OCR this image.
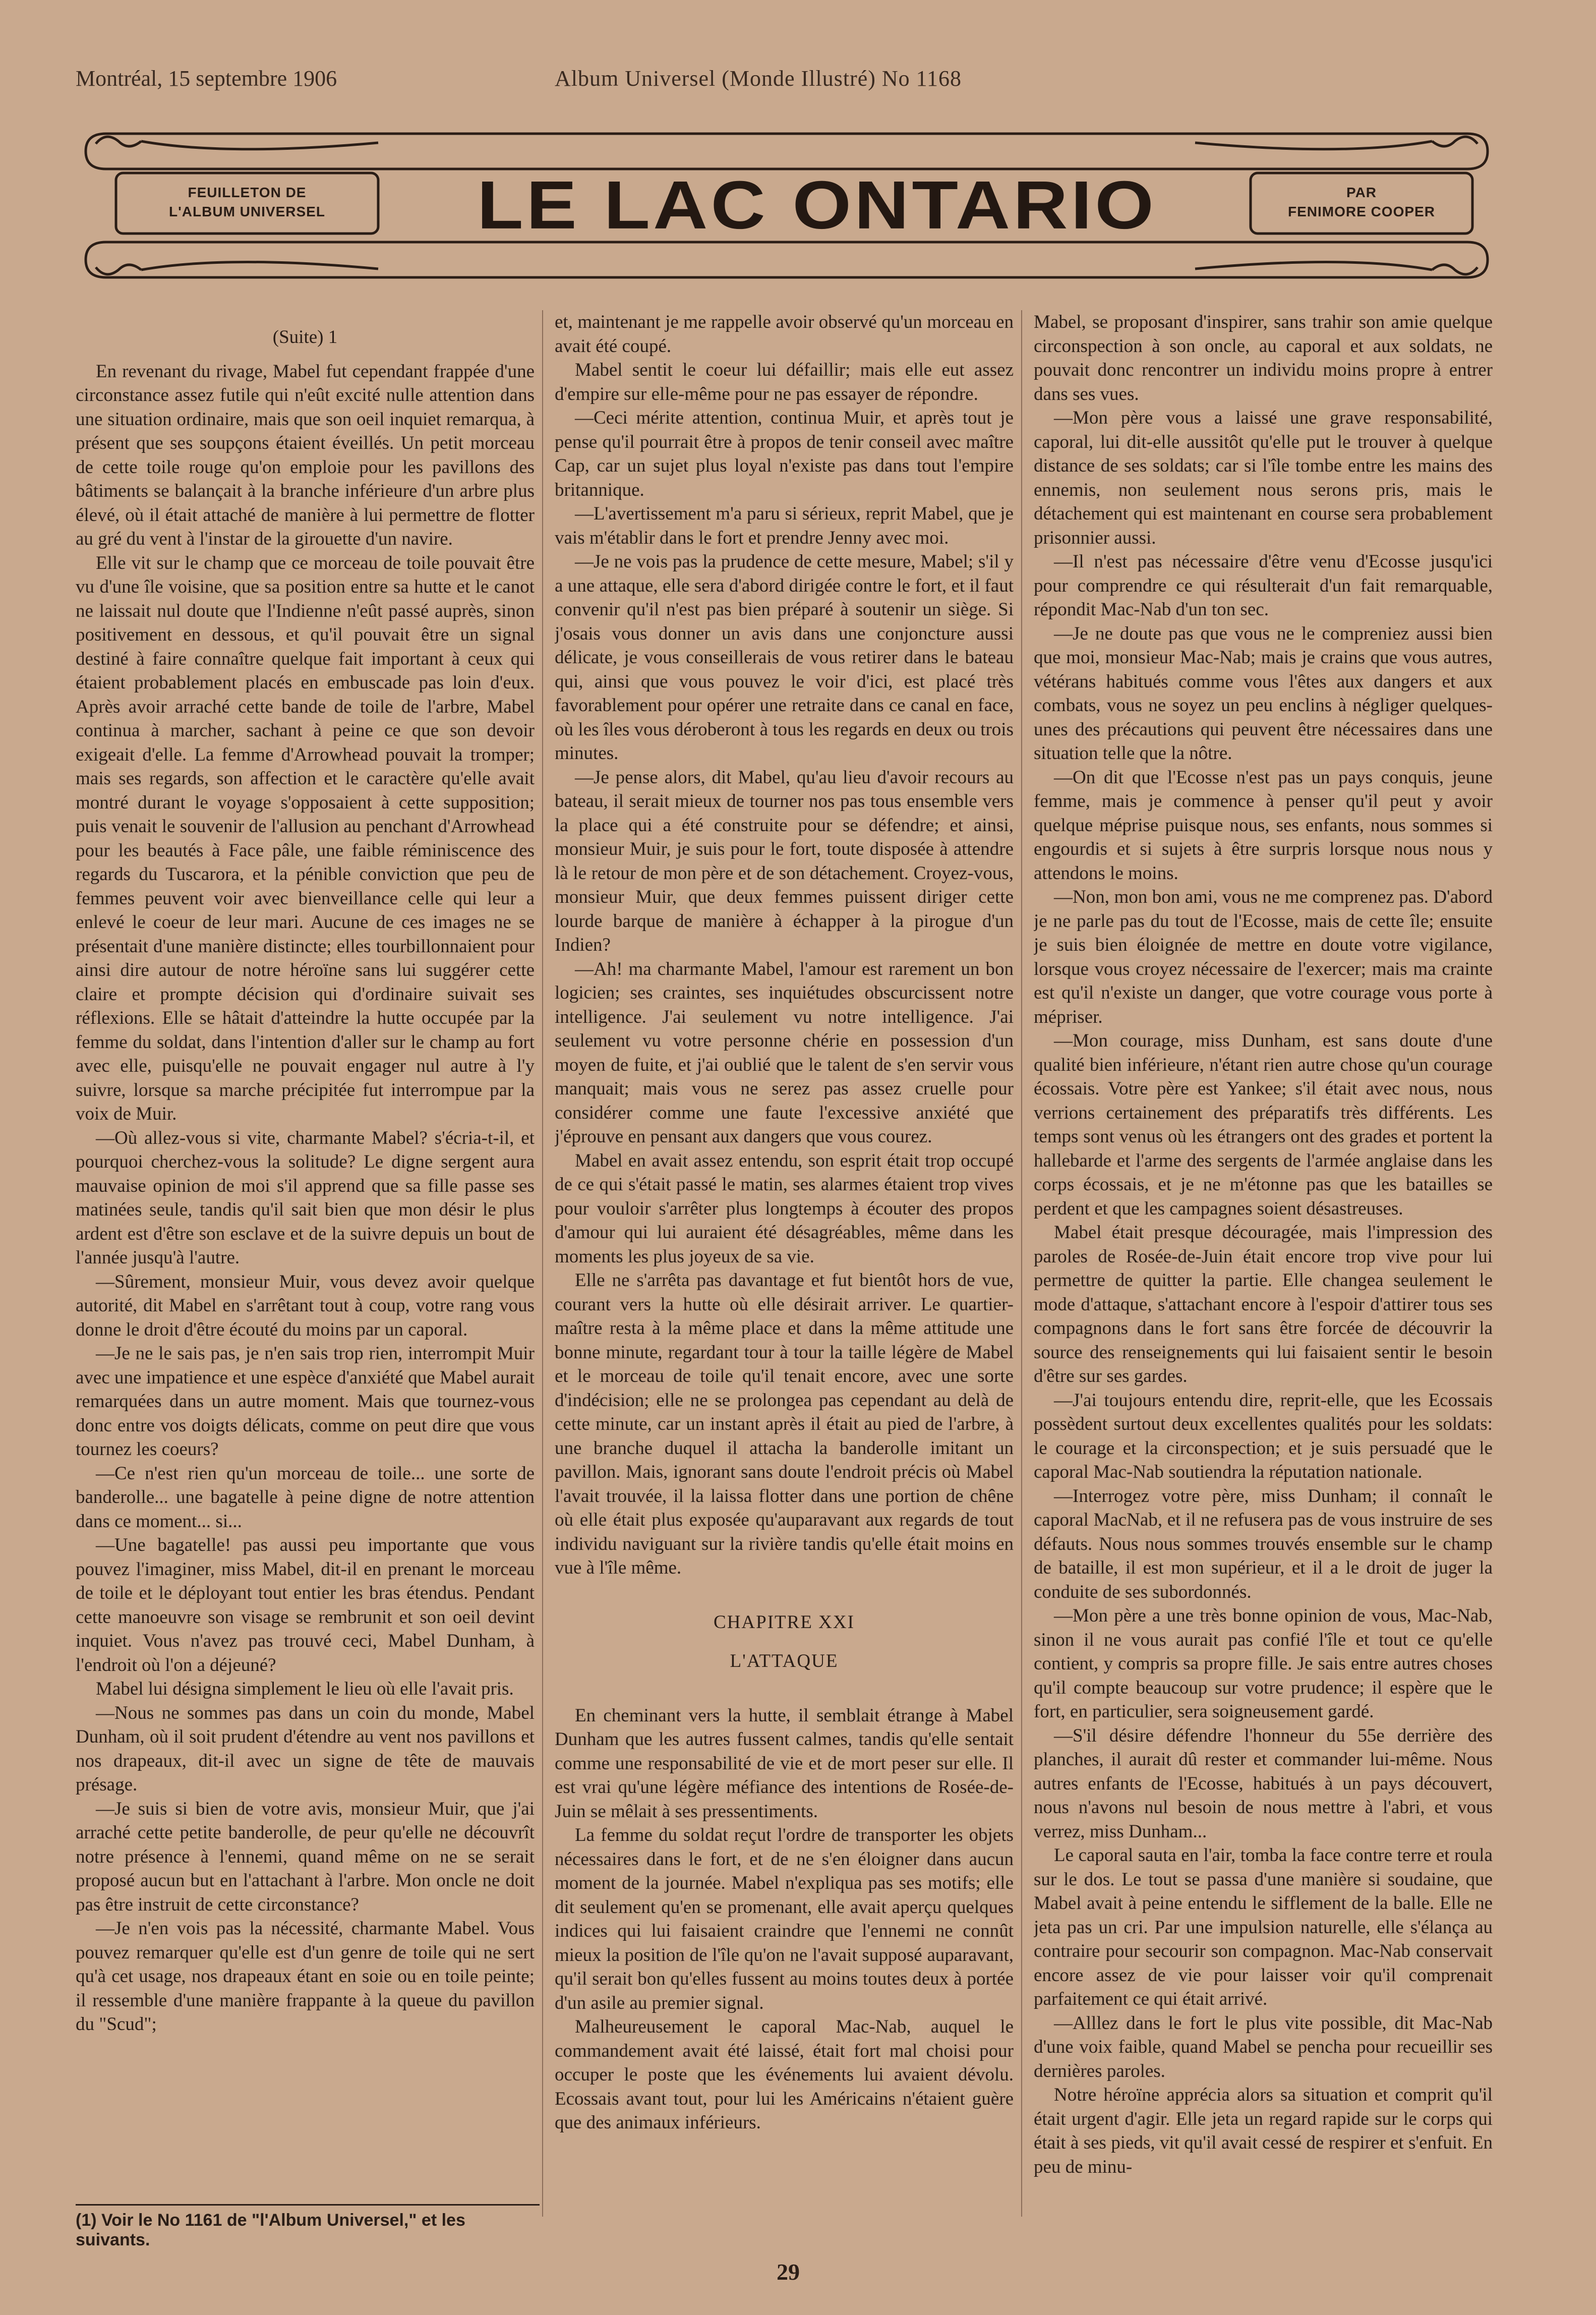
Montréal, 15 septembre 1906	Album Universel (Monde Illustré) No 1168
FEUILLETON DE
L'ALBUM UNIVERSEL	LE LAC ONTARIO	PAR
FENIMORE COOPER

(Suite) 1

En revenant du rivage, Mabel fut cependant frappée d'une circonstance assez futile qui n'eût excité nulle attention dans une situation ordinaire, mais que son oeil inquiet remarqua, à présent que ses soupçons étaient éveillés. Un petit morceau de cette toile rouge qu'on emploie pour les pavillons des bâtiments se balançait à la branche inférieure d'un arbre plus élevé, où il était attaché de manière à lui permettre de flotter au gré du vent à l'instar de la girouette d'un navire.

Elle vit sur le champ que ce morceau de toile pouvait être vu d'une île voisine, que sa position entre sa hutte et le canot ne laissait nul doute que l'Indienne n'eût passé auprès, sinon positivement en dessous, et qu'il pouvait être un signal destiné à faire connaître quelque fait important à ceux qui étaient probablement placés en embuscade pas loin d'eux. Après avoir arraché cette bande de toile de l'arbre, Mabel continua à marcher, sachant à peine ce que son devoir exigeait d'elle. La femme d'Arrowhead pouvait la tromper; mais ses regards, son affection et le caractère qu'elle avait montré durant le voyage s'opposaient à cette supposition; puis venait le souvenir de l'allusion au penchant d'Arrowhead pour les beautés à Face pâle, une faible réminiscence des regards du Tuscarora, et la pénible conviction que peu de femmes peuvent voir avec bienveillance celle qui leur a enlevé le coeur de leur mari. Aucune de ces images ne se présentait d'une manière distincte; elles tourbillonnaient pour ainsi dire autour de notre héroïne sans lui suggérer cette claire et prompte décision qui d'ordinaire suivait ses réflexions. Elle se hâtait d'atteindre la hutte occupée par la femme du soldat, dans l'intention d'aller sur le champ au fort avec elle, puisqu'elle ne pouvait engager nul autre à l'y suivre, lorsque sa marche précipitée fut interrompue par la voix de Muir.

—Où allez-vous si vite, charmante Mabel? s'écria-t-il, et pourquoi cherchez-vous la solitude? Le digne sergent aura mauvaise opinion de moi s'il apprend que sa fille passe ses matinées seule, tandis qu'il sait bien que mon désir le plus ardent est d'être son esclave et de la suivre depuis un bout de l'année jusqu'à l'autre.

—Sûrement, monsieur Muir, vous devez avoir quelque autorité, dit Mabel en s'arrêtant tout à coup, votre rang vous donne le droit d'être écouté du moins par un caporal.

—Je ne le sais pas, je n'en sais trop rien, interrompit Muir avec une impatience et une espèce d'anxiété que Mabel aurait remarquées dans un autre moment. Mais que tournez-vous donc entre vos doigts délicats, comme on peut dire que vous tournez les coeurs?

—Ce n'est rien qu'un morceau de toile... une sorte de banderolle... une bagatelle à peine digne de notre attention dans ce moment... si...

—Une bagatelle! pas aussi peu importante que vous pouvez l'imaginer, miss Mabel, dit-il en prenant le morceau de toile et le déployant tout entier les bras étendus. Pendant cette manoeuvre son visage se rembrunit et son oeil devint inquiet. Vous n'avez pas trouvé ceci, Mabel Dunham, à l'endroit où l'on a déjeuné?

Mabel lui désigna simplement le lieu où elle l'avait pris.

—Nous ne sommes pas dans un coin du monde, Mabel Dunham, où il soit prudent d'étendre au vent nos pavillons et nos drapeaux, dit-il avec un signe de tête de mauvais présage.

—Je suis si bien de votre avis, monsieur Muir, que j'ai arraché cette petite banderolle, de peur qu'elle ne découvrît notre présence à l'ennemi, quand même on ne se serait proposé aucun but en l'attachant à l'arbre. Mon oncle ne doit pas être instruit de cette circonstance?

—Je n'en vois pas la nécessité, charmante Mabel. Vous pouvez remarquer qu'elle est d'un genre de toile qui ne sert qu'à cet usage, nos drapeaux étant en soie ou en toile peinte; il ressemble d'une manière frappante à la queue du pavillon du "Scud";

et, maintenant je me rappelle avoir observé qu'un morceau en avait été coupé.

Mabel sentit le coeur lui défaillir; mais elle eut assez d'empire sur elle-même pour ne pas essayer de répondre.

—Ceci mérite attention, continua Muir, et après tout je pense qu'il pourrait être à propos de tenir conseil avec maître Cap, car un sujet plus loyal n'existe pas dans tout l'empire britannique.

—L'avertissement m'a paru si sérieux, reprit Mabel, que je vais m'établir dans le fort et prendre Jenny avec moi.

—Je ne vois pas la prudence de cette mesure, Mabel; s'il y a une attaque, elle sera d'abord dirigée contre le fort, et il faut convenir qu'il n'est pas bien préparé à soutenir un siège. Si j'osais vous donner un avis dans une conjoncture aussi délicate, je vous conseillerais de vous retirer dans le bateau qui, ainsi que vous pouvez le voir d'ici, est placé très favorablement pour opérer une retraite dans ce canal en face, où les îles vous déroberont à tous les regards en deux ou trois minutes.

—Je pense alors, dit Mabel, qu'au lieu d'avoir recours au bateau, il serait mieux de tourner nos pas tous ensemble vers la place qui a été construite pour se défendre; et ainsi, monsieur Muir, je suis pour le fort, toute disposée à attendre là le retour de mon père et de son détachement. Croyez-vous, monsieur Muir, que deux femmes puissent diriger cette lourde barque de manière à échapper à la pirogue d'un Indien?

—Ah! ma charmante Mabel, l'amour est rarement un bon logicien; ses craintes, ses inquiétudes obscurcissent notre intelligence. J'ai seulement vu notre intelligence. J'ai seulement vu votre personne chérie en possession d'un moyen de fuite, et j'ai oublié que le talent de s'en servir vous manquait; mais vous ne serez pas assez cruelle pour considérer comme une faute l'excessive anxiété que j'éprouve en pensant aux dangers que vous courez.

Mabel en avait assez entendu, son esprit était trop occupé de ce qui s'était passé le matin, ses alarmes étaient trop vives pour vouloir s'arrêter plus longtemps à écouter des propos d'amour qui lui auraient été désagréables, même dans les moments les plus joyeux de sa vie.

Elle ne s'arrêta pas davantage et fut bientôt hors de vue, courant vers la hutte où elle désirait arriver. Le quartier-maître resta à la même place et dans la même attitude une bonne minute, regardant tour à tour la taille légère de Mabel et le morceau de toile qu'il tenait encore, avec une sorte d'indécision; elle ne se prolongea pas cependant au delà de cette minute, car un instant après il était au pied de l'arbre, à une branche duquel il attacha la banderolle imitant un pavillon. Mais, ignorant sans doute l'endroit précis où Mabel l'avait trouvée, il la laissa flotter dans une portion de chêne où elle était plus exposée qu'auparavant aux regards de tout individu naviguant sur la rivière tandis qu'elle était moins en vue à l'île même.

CHAPITRE XXI

L'ATTAQUE

En cheminant vers la hutte, il semblait étrange à Mabel Dunham que les autres fussent calmes, tandis qu'elle sentait comme une responsabilité de vie et de mort peser sur elle. Il est vrai qu'une légère méfiance des intentions de Rosée-de-Juin se mêlait à ses pressentiments.

La femme du soldat reçut l'ordre de transporter les objets nécessaires dans le fort, et de ne s'en éloigner dans aucun moment de la journée. Mabel n'expliqua pas ses motifs; elle dit seulement qu'en se promenant, elle avait aperçu quelques indices qui lui faisaient craindre que l'ennemi ne connût mieux la position de l'île qu'on ne l'avait supposé auparavant, qu'il serait bon qu'elles fussent au moins toutes deux à portée d'un asile au premier signal.

Malheureusement le caporal Mac-Nab, auquel le commandement avait été laissé, était fort mal choisi pour occuper le poste que les événements lui avaient dévolu. Ecossais avant tout, pour lui les Américains n'étaient guère que des animaux inférieurs.

Mabel, se proposant d'inspirer, sans trahir son amie quelque circonspection à son oncle, au caporal et aux soldats, ne pouvait donc rencontrer un individu moins propre à entrer dans ses vues.

—Mon père vous a laissé une grave responsabilité, caporal, lui dit-elle aussitôt qu'elle put le trouver à quelque distance de ses soldats; car si l'île tombe entre les mains des ennemis, non seulement nous serons pris, mais le détachement qui est maintenant en course sera probablement prisonnier aussi.

—Il n'est pas nécessaire d'être venu d'Ecosse jusqu'ici pour comprendre ce qui résulterait d'un fait remarquable, répondit Mac-Nab d'un ton sec.

—Je ne doute pas que vous ne le compreniez aussi bien que moi, monsieur Mac-Nab; mais je crains que vous autres, vétérans habitués comme vous l'êtes aux dangers et aux combats, vous ne soyez un peu enclins à négliger quelques-unes des précautions qui peuvent être nécessaires dans une situation telle que la nôtre.

—On dit que l'Ecosse n'est pas un pays conquis, jeune femme, mais je commence à penser qu'il peut y avoir quelque méprise puisque nous, ses enfants, nous sommes si engourdis et si sujets à être surpris lorsque nous nous y attendons le moins.

—Non, mon bon ami, vous ne me comprenez pas. D'abord je ne parle pas du tout de l'Ecosse, mais de cette île; ensuite je suis bien éloignée de mettre en doute votre vigilance, lorsque vous croyez nécessaire de l'exercer; mais ma crainte est qu'il n'existe un danger, que votre courage vous porte à mépriser.

—Mon courage, miss Dunham, est sans doute d'une qualité bien inférieure, n'étant rien autre chose qu'un courage écossais. Votre père est Yankee; s'il était avec nous, nous verrions certainement des préparatifs très différents. Les temps sont venus où les étrangers ont des grades et portent la hallebarde et l'arme des sergents de l'armée anglaise dans les corps écossais, et je ne m'étonne pas que les batailles se perdent et que les campagnes soient désastreuses.

Mabel était presque découragée, mais l'impression des paroles de Rosée-de-Juin était encore trop vive pour lui permettre de quitter la partie. Elle changea seulement le mode d'attaque, s'attachant encore à l'espoir d'attirer tous ses compagnons dans le fort sans être forcée de découvrir la source des renseignements qui lui faisaient sentir le besoin d'être sur ses gardes.

—J'ai toujours entendu dire, reprit-elle, que les Ecossais possèdent surtout deux excellentes qualités pour les soldats: le courage et la circonspection; et je suis persuadé que le caporal Mac-Nab soutiendra la réputation nationale.

—Interrogez votre père, miss Dunham; il connaît le caporal MacNab, et il ne refusera pas de vous instruire de ses défauts. Nous nous sommes trouvés ensemble sur le champ de bataille, il est mon supérieur, et il a le droit de juger la conduite de ses subordonnés.

—Mon père a une très bonne opinion de vous, Mac-Nab, sinon il ne vous aurait pas confié l'île et tout ce qu'elle contient, y compris sa propre fille. Je sais entre autres choses qu'il compte beaucoup sur votre prudence; il espère que le fort, en particulier, sera soigneusement gardé.

—S'il désire défendre l'honneur du 55e derrière des planches, il aurait dû rester et commander lui-même. Nous autres enfants de l'Ecosse, habitués à un pays découvert, nous n'avons nul besoin de nous mettre à l'abri, et vous verrez, miss Dunham...

Le caporal sauta en l'air, tomba la face contre terre et roula sur le dos. Le tout se passa d'une manière si soudaine, que Mabel avait à peine entendu le sifflement de la balle. Elle ne jeta pas un cri. Par une impulsion naturelle, elle s'élança au contraire pour secourir son compagnon. Mac-Nab conservait encore assez de vie pour laisser voir qu'il comprenait parfaitement ce qui était arrivé.

—Alllez dans le fort le plus vite possible, dit Mac-Nab d'une voix faible, quand Mabel se pencha pour recueillir ses dernières paroles.

Notre héroïne apprécia alors sa situation et comprit qu'il était urgent d'agir. Elle jeta un regard rapide sur le corps qui était à ses pieds, vit qu'il avait cessé de respirer et s'enfuit. En peu de minu-

(1) Voir le No 1161 de "l'Album Universel," et les suivants.
29
